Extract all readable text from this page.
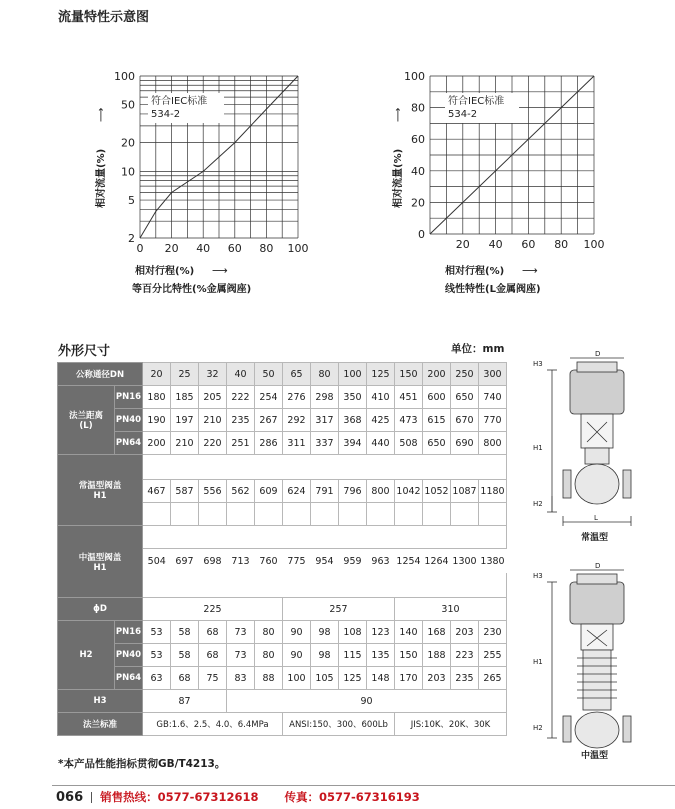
流量特性示意图
0 20 40 60 80 100
2
5
10
20
50
100
符合IEC标准
534-2
相对流量(%)
⟶
相对行程(%) ⟶
等百分比特性(%金属阀座)
20 40 60 80 100
0
20
40
60
80
100
符合IEC标准
534-2
相对流量(%)
⟶
相对行程(%) ⟶
线性特性(L金属阀座)
外形尺寸	单位：mm
公称通径DN		20	25	32	40	50	65	80	100	125	150	200	250	300
法兰距离
(L)	PN16	180	185	205	222	254	276	298	350	410	451	600	650	740
	PN40	190	197	210	235	267	292	317	368	425	473	615	670	770
	PN64	200	210	220	251	286	311	337	394	440	508	650	690	800
常温型阀盖
H1														
		467	587	556	562	609	624	791	796	800	1042	1052	1087	1180

中温型阀盖
H1														
		504	697	698	713	760	775	954	959	963	1254	1264	1300	1380

ϕD		225					257				310			
H2	PN16	53	58	68	73	80	90	98	108	123	140	168	203	230
	PN40	53	58	68	73	80	90	98	115	135	150	188	223	255
	PN64	63	68	75	83	88	100	105	125	148	170	203	235	265
H3		87			90									
法兰标准		GB:1.6、2.5、4.0、6.4MPa					ANSI:150、300、600Lb				JIS:10K、20K、30K			
*本产品性能指标贯彻GB/T4213。
D
H3
H1
H2
L
常温型
D
H3
H1
H2
中温型
066 销售热线：0577-67312618 传真：0577-67316193
